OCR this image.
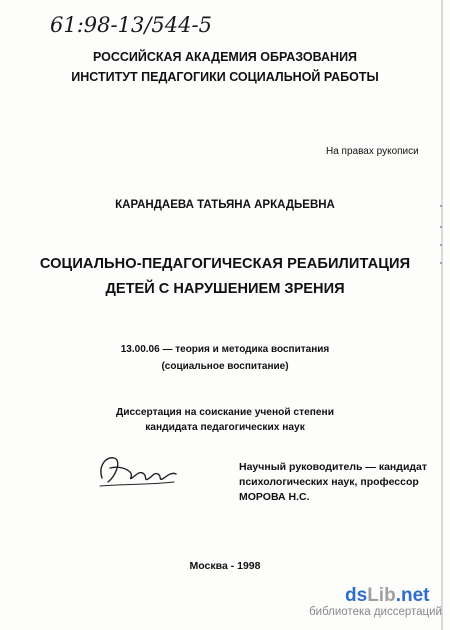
61:98-13/544-5
РОССИЙСКАЯ АКАДЕМИЯ ОБРАЗОВАНИЯ
ИНСТИТУТ ПЕДАГОГИКИ СОЦИАЛЬНОЙ РАБОТЫ
На правах рукописи
КАРАНДАЕВА ТАТЬЯНА АРКАДЬЕВНА
СОЦИАЛЬНО-ПЕДАГОГИЧЕСКАЯ РЕАБИЛИТАЦИЯ
ДЕТЕЙ С НАРУШЕНИЕМ ЗРЕНИЯ
13.00.06 — теория и методика воспитания
(социальное воспитание)
Диссертация на соискание ученой степени
кандидата педагогических наук
Научный руководитель — кандидат
психологических наук, профессор
МОРОВА Н.С.
Москва - 1998
dsLib.net
библиотека диссертаций
